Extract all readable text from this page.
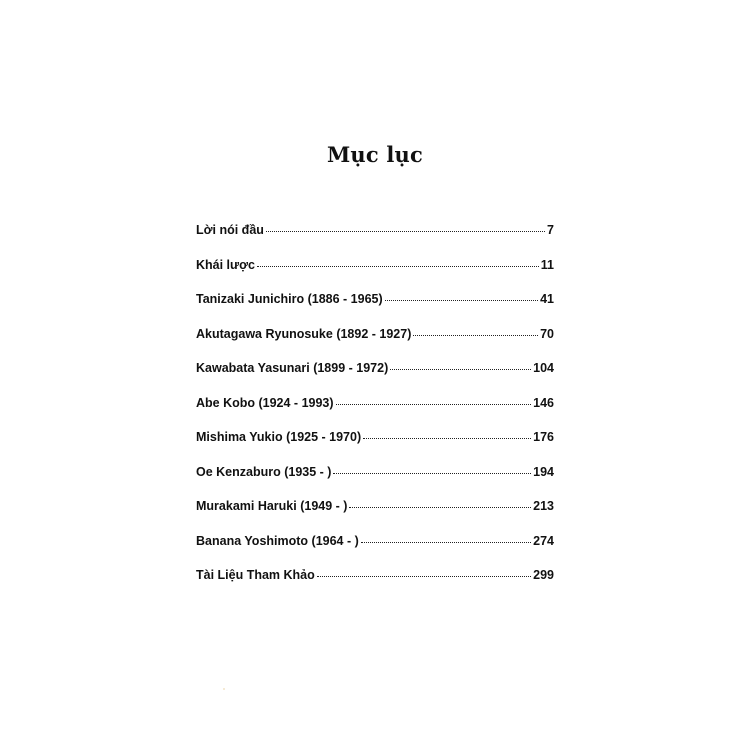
Mục lục
Lời nói đầu	7
Khái lược	11
Tanizaki Junichiro (1886 - 1965)	41
Akutagawa Ryunosuke (1892 - 1927)	70
Kawabata Yasunari (1899 - 1972)	104
Abe Kobo (1924 - 1993)	146
Mishima Yukio (1925 - 1970)	176
Oe Kenzaburo (1935 - )	194
Murakami Haruki (1949 - )	213
Banana Yoshimoto (1964 - )	274
Tài Liệu Tham Khảo	299
